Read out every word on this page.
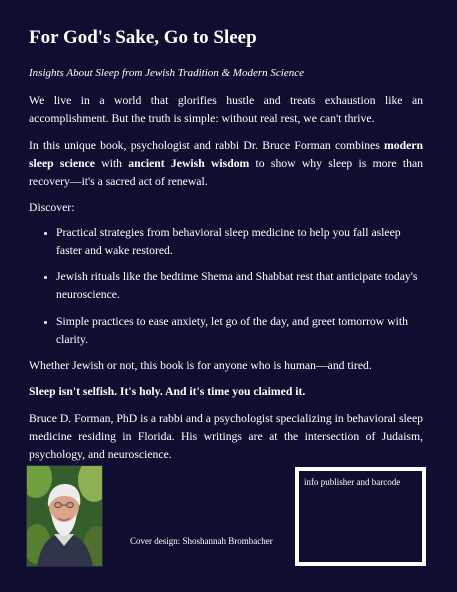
For God's Sake, Go to Sleep

Insights About Sleep from Jewish Tradition & Modern Science

We live in a world that glorifies hustle and treats exhaustion like an accomplishment. But the truth is simple: without real rest, we can't thrive.

In this unique book, psychologist and rabbi Dr. Bruce Forman combines modern sleep science with ancient Jewish wisdom to show why sleep is more than recovery—it's a sacred act of renewal.

Discover:

• Practical strategies from behavioral sleep medicine to help you fall asleep faster and wake restored.
• Jewish rituals like the bedtime Shema and Shabbat rest that anticipate today's neuroscience.
• Simple practices to ease anxiety, let go of the day, and greet tomorrow with clarity.

Whether Jewish or not, this book is for anyone who is human—and tired.

Sleep isn't selfish. It's holy. And it's time you claimed it.

Bruce D. Forman, PhD is a rabbi and a psychologist specializing in behavioral sleep medicine residing in Florida. His writings are at the intersection of Judaism, psychology, and neuroscience.

Cover design: Shoshannah Brombacher

info publisher and barcode
